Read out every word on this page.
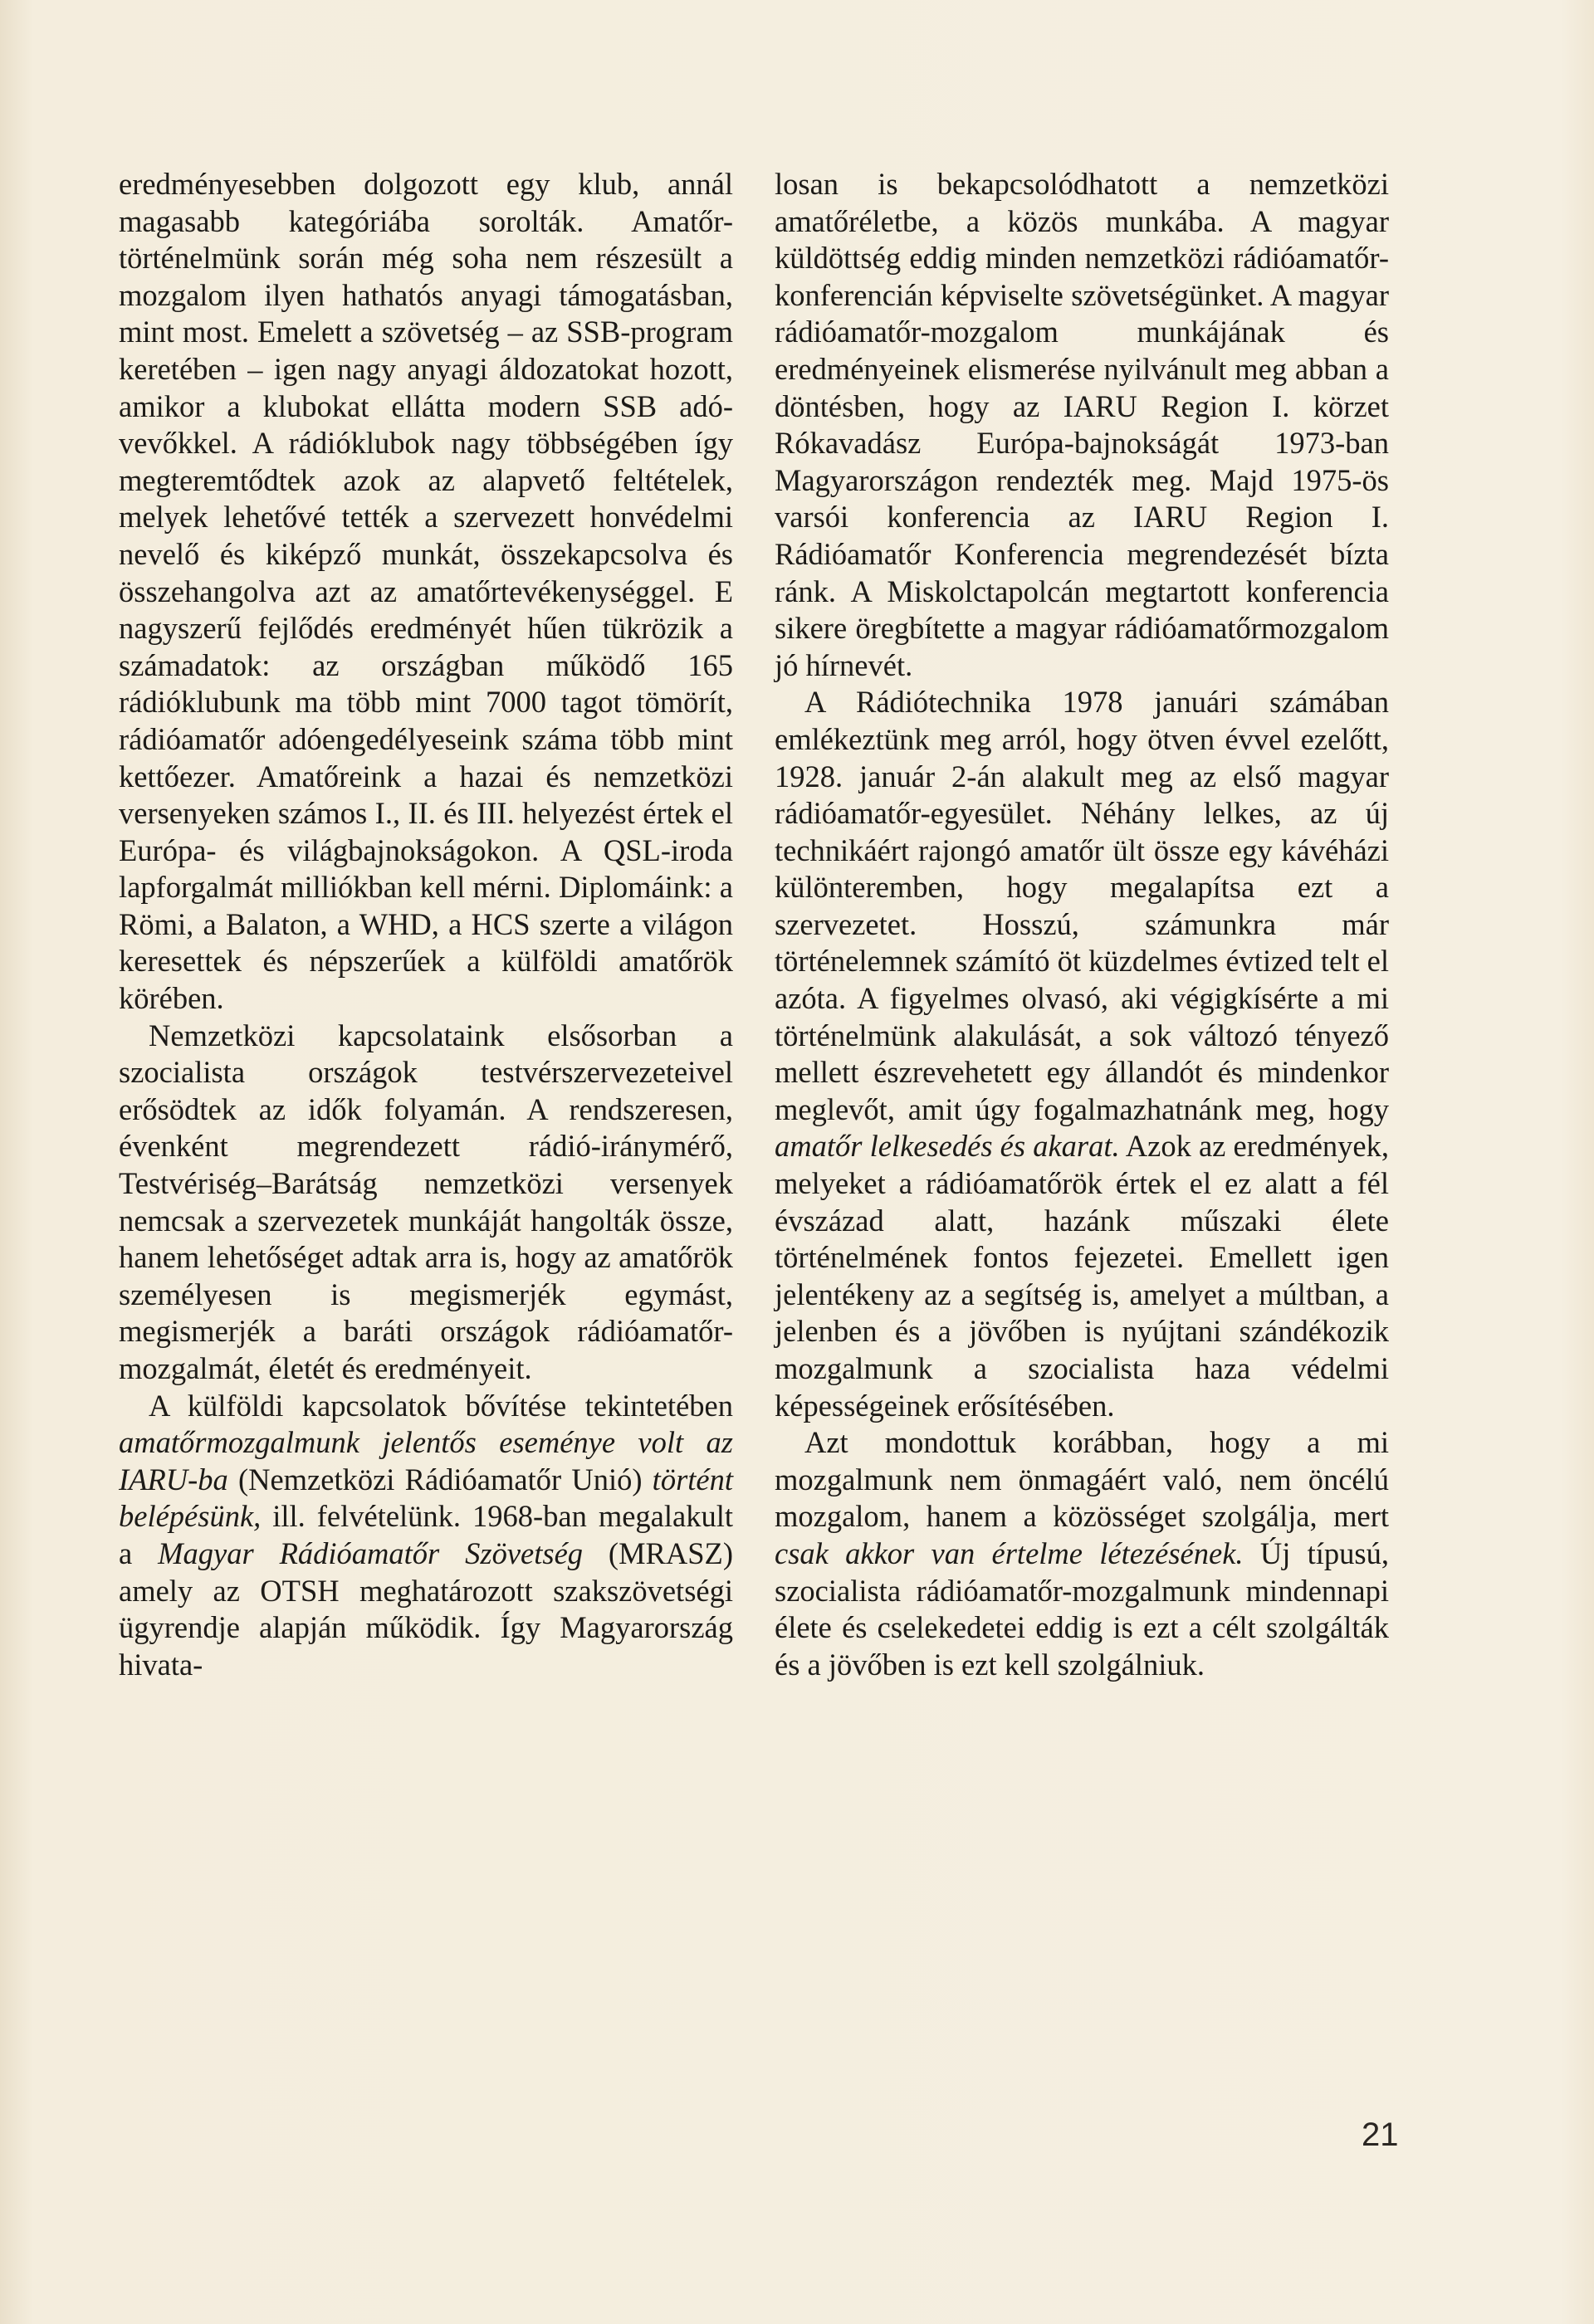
eredményesebben dolgozott egy klub, annál magasabb kategóriába sorolták. Amatőr-történelmünk során még soha nem részesült a mozgalom ilyen hathatós anyagi támogatásban, mint most. Emelett a szövetség – az SSB-program keretében – igen nagy anyagi áldozatokat hozott, amikor a klubokat ellátta modern SSB adó-vevőkkel. A rádióklubok nagy többségében így megteremtődtek azok az alapvető feltételek, melyek lehetővé tették a szervezett honvédelmi nevelő és kiképző munkát, összekapcsolva és összehangolva azt az amatőrtevékenységgel. E nagyszerű fejlődés eredményét hűen tükrözik a számadatok: az országban működő 165 rádióklubunk ma több mint 7000 tagot tömörít, rádióamatőr adóengedélyeseink száma több mint kettőezer. Amatőreink a hazai és nemzetközi versenyeken számos I., II. és III. helyezést értek el Európa- és világbajnokságokon. A QSL-iroda lapforgalmát milliókban kell mérni. Diplomáink: a Römi, a Balaton, a WHD, a HCS szerte a világon keresettek és népszerűek a külföldi amatőrök körében.

Nemzetközi kapcsolataink elsősorban a szocialista országok testvérszervezeteivel erősödtek az idők folyamán. A rendszeresen, évenként megrendezett rádió-iránymérő, Testvériség–Barátság nemzetközi versenyek nemcsak a szervezetek munkáját hangolták össze, hanem lehetőséget adtak arra is, hogy az amatőrök személyesen is megismerjék egymást, megismerjék a baráti országok rádióamatőr-mozgalmát, életét és eredményeit.

A külföldi kapcsolatok bővítése tekintetében amatőrmozgalmunk jelentős eseménye volt az IARU-ba (Nemzetközi Rádióamatőr Unió) történt belépésünk, ill. felvételünk. 1968-ban megalakult a Magyar Rádióamatőr Szövetség (MRASZ) amely az OTSH meghatározott szakszövetségi ügyrendje alapján működik. Így Magyarország hivata-

losan is bekapcsolódhatott a nemzetközi amatőréletbe, a közös munkába. A magyar küldöttség eddig minden nemzetközi rádióamatőr-konferencián képviselte szövetségünket. A magyar rádióamatőr-mozgalom munkájának és eredményeinek elismerése nyilvánult meg abban a döntésben, hogy az IARU Region I. körzet Rókavadász Európa-bajnokságát 1973-ban Magyarországon rendezték meg. Majd 1975-ös varsói konferencia az IARU Region I. Rádióamatőr Konferencia megrendezését bízta ránk. A Miskolctapolcán megtartott konferencia sikere öregbítette a magyar rádióamatőrmozgalom jó hírnevét.

A Rádiótechnika 1978 januári számában emlékeztünk meg arról, hogy ötven évvel ezelőtt, 1928. január 2-án alakult meg az első magyar rádióamatőr-egyesület. Néhány lelkes, az új technikáért rajongó amatőr ült össze egy kávéházi különteremben, hogy megalapítsa ezt a szervezetet. Hosszú, számunkra már történelemnek számító öt küzdelmes évtized telt el azóta. A figyelmes olvasó, aki végigkísérte a mi történelmünk alakulását, a sok változó tényező mellett észrevehetett egy állandót és mindenkor meglevőt, amit úgy fogalmazhatnánk meg, hogy amatőr lelkesedés és akarat. Azok az eredmények, melyeket a rádióamatőrök értek el ez alatt a fél évszázad alatt, hazánk műszaki élete történelmének fontos fejezetei. Emellett igen jelentékeny az a segítség is, amelyet a múltban, a jelenben és a jövőben is nyújtani szándékozik mozgalmunk a szocialista haza védelmi képességeinek erősítésében.

Azt mondottuk korábban, hogy a mi mozgalmunk nem önmagáért való, nem öncélú mozgalom, hanem a közösséget szolgálja, mert csak akkor van értelme létezésének. Új típusú, szocialista rádióamatőr-mozgalmunk mindennapi élete és cselekedetei eddig is ezt a célt szolgálták és a jövőben is ezt kell szolgálniuk.

21
